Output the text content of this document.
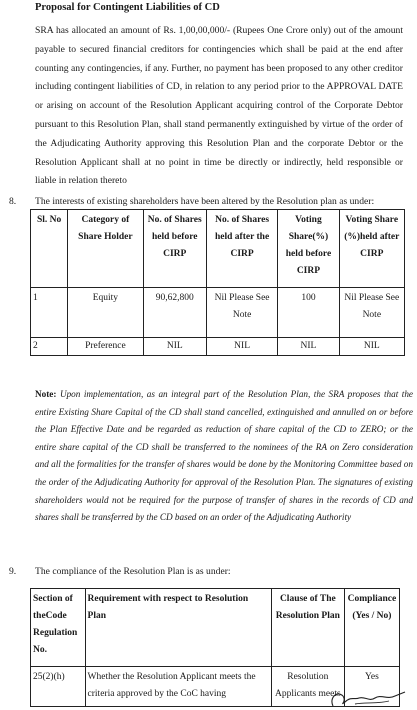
Proposal for Contingent Liabilities of CD
SRA has allocated an amount of Rs. 1,00,00,000/- (Rupees One Crore only) out of the amount payable to secured financial creditors for contingencies which shall be paid at the end after counting any contingencies, if any. Further, no payment has been proposed to any other creditor including contingent liabilities of CD, in relation to any period prior to the APPROVAL DATE or arising on account of the Resolution Applicant acquiring control of the Corporate Debtor pursuant to this Resolution Plan, shall stand permanently extinguished by virtue of the order of the Adjudicating Authority approving this Resolution Plan and the corporate Debtor or the Resolution Applicant shall at no point in time be directly or indirectly, held responsible or liable in relation thereto
8. The interests of existing shareholders have been altered by the Resolution plan as under:
Sl. No	Category of Share Holder	No. of Shares held before CIRP	No. of Shares held after the CIRP	Voting Share(%) held before CIRP	Voting Share (%)held after CIRP
1	Equity	90,62,800	Nil Please See Note	100	Nil Please See Note
2	Preference	NIL	NIL	NIL	NIL
Note: Upon implementation, as an integral part of the Resolution Plan, the SRA proposes that the entire Existing Share Capital of the CD shall stand cancelled, extinguished and annulled on or before the Plan Effective Date and be regarded as reduction of share capital of the CD to ZERO; or the entire share capital of the CD shall be transferred to the nominees of the RA on Zero consideration and all the formalities for the transfer of shares would be done by the Monitoring Committee based on the order of the Adjudicating Authority for approval of the Resolution Plan. The signatures of existing shareholders would not be required for the purpose of transfer of shares in the records of CD and shares shall be transferred by the CD based on an order of the Adjudicating Authority
9. The compliance of the Resolution Plan is as under:
Section of theCode Regulation No.	Requirement with respect to Resolution Plan	Clause of The Resolution Plan	Compliance (Yes / No)
25(2)(h)	Whether the Resolution Applicant meets the criteria approved by the CoC having	Resolution Applicants meets	Yes
